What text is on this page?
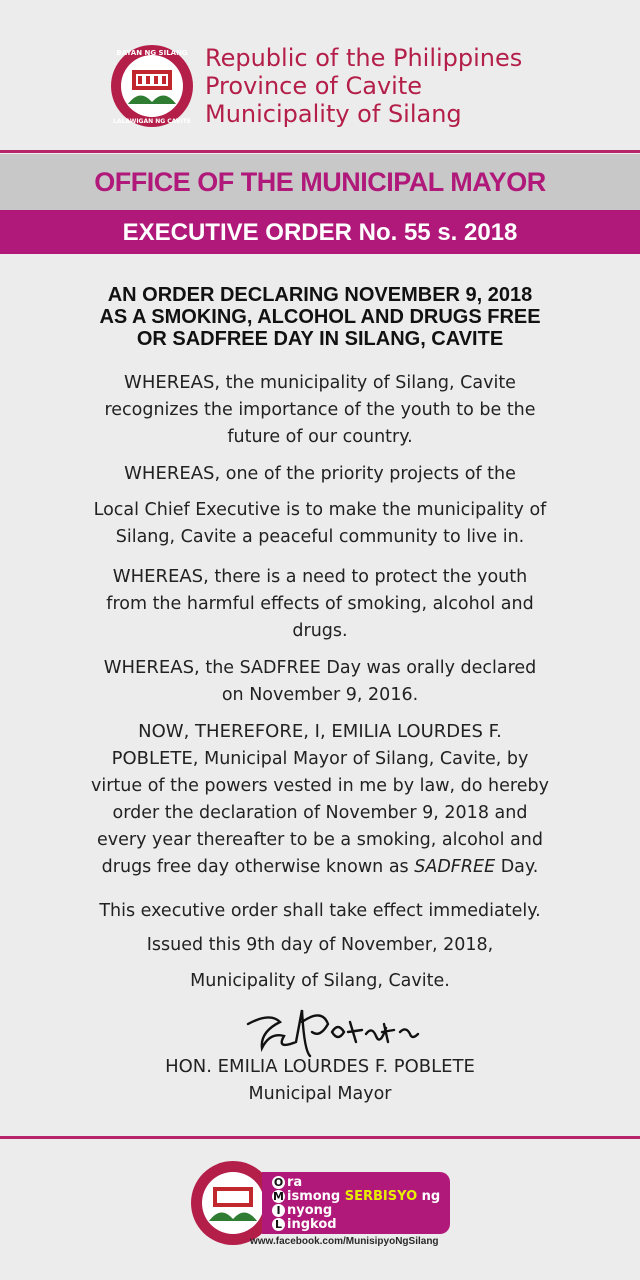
BAYAN NG SILANG
LALAWIGAN NG CAVITE
Republic of the Philippines
Province of Cavite
Municipality of Silang
OFFICE OF THE MUNICIPAL MAYOR
EXECUTIVE ORDER No. 55 s. 2018
AN ORDER DECLARING NOVEMBER 9, 2018
AS A SMOKING, ALCOHOL AND DRUGS FREE
OR SADFREE DAY IN SILANG, CAVITE
WHEREAS, the municipality of Silang, Cavite
recognizes the importance of the youth to be the
future of our country.
WHEREAS, one of the priority projects of the
Local Chief Executive is to make the municipality of
Silang, Cavite a peaceful community to live in.
WHEREAS, there is a need to protect the youth
from the harmful effects of smoking, alcohol and
drugs.
WHEREAS, the SADFREE Day was orally declared
on November 9, 2016.
NOW, THEREFORE, I, EMILIA LOURDES F.
POBLETE, Municipal Mayor of Silang, Cavite, by
virtue of the powers vested in me by law, do hereby
order the declaration of November 9, 2018 and
every year thereafter to be a smoking, alcohol and
drugs free day otherwise known as SADFREE Day.
This executive order shall take effect immediately.
Issued this 9th day of November, 2018,
Municipality of Silang, Cavite.
HON. EMILIA LOURDES F. POBLETE
Municipal Mayor
O ra
M ismong SERBISYO ng
I nyong
L ingkod
www.facebook.com/MunisipyoNgSilang
